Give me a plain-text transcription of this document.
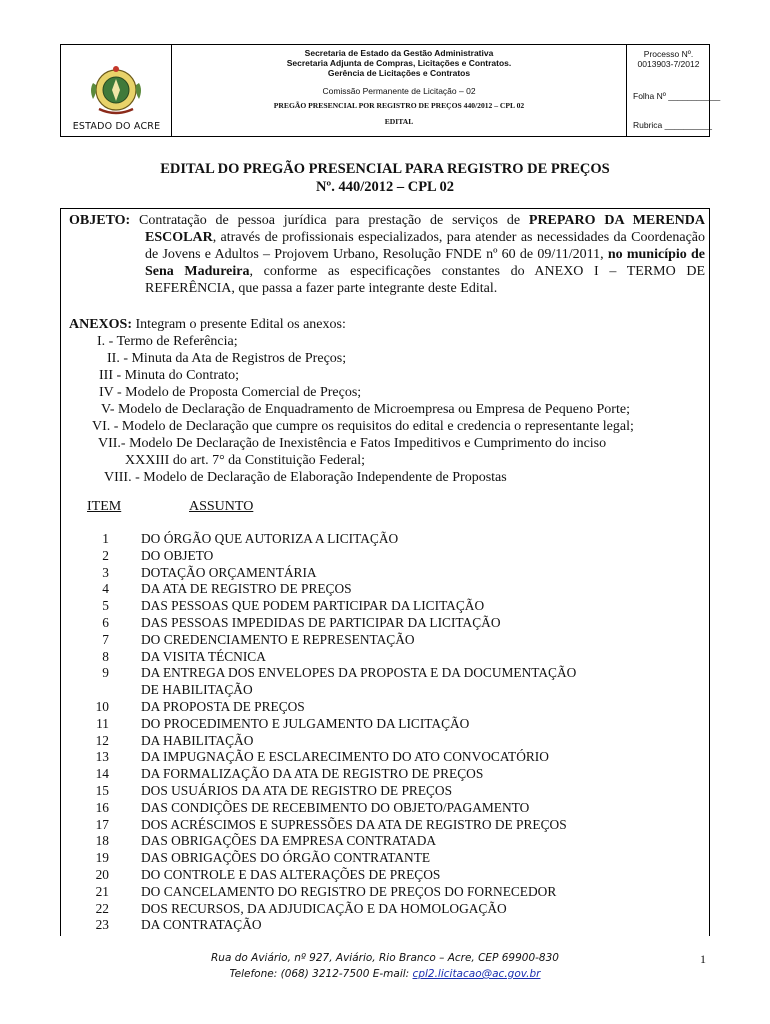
ESTADO DO ACRE
Secretaria de Estado da Gestão Administrativa
Secretaria Adjunta de Compras, Licitações e Contratos.
Gerência de Licitações e Contratos
Comissão Permanente de Licitação – 02
PREGÃO PRESENCIAL POR REGISTRO DE PREÇOS 440/2012 – CPL 02
EDITAL
Processo Nº. 0013903-7/2012
Folha Nº ___________
Rubrica __________
EDITAL DO PREGÃO PRESENCIAL PARA REGISTRO DE PREÇOS
Nº. 440/2012 – CPL 02
OBJETO: Contratação de pessoa jurídica para prestação de serviços de PREPARO DA MERENDA ESCOLAR, através de profissionais especializados, para atender as necessidades da Coordenação de Jovens e Adultos – Projovem Urbano, Resolução FNDE nº 60 de 09/11/2011, no município de Sena Madureira, conforme as especificações constantes do ANEXO I – TERMO DE REFERÊNCIA, que passa a fazer parte integrante deste Edital.
ANEXOS: Integram o presente Edital os anexos:
I. - Termo de Referência;
II. - Minuta da Ata de Registros de Preços;
III - Minuta do Contrato;
IV - Modelo de Proposta Comercial de Preços;
V- Modelo de Declaração de Enquadramento de Microempresa ou Empresa de Pequeno Porte;
VI. - Modelo de Declaração que cumpre os requisitos do edital e credencia o representante legal;
VII.- Modelo De Declaração de Inexistência e Fatos Impeditivos e Cumprimento do inciso
XXXIII do art. 7° da Constituição Federal;
VIII. - Modelo de Declaração de Elaboração Independente de Propostas
ITEM	ASSUNTO
1 DO ÓRGÃO QUE AUTORIZA A LICITAÇÃO
2 DO OBJETO
3 DOTAÇÃO ORÇAMENTÁRIA
4 DA ATA DE REGISTRO DE PREÇOS
5 DAS PESSOAS QUE PODEM PARTICIPAR DA LICITAÇÃO
6 DAS PESSOAS IMPEDIDAS DE PARTICIPAR DA LICITAÇÃO
7 DO CREDENCIAMENTO E REPRESENTAÇÃO
8 DA VISITA TÉCNICA
9 DA ENTREGA DOS ENVELOPES DA PROPOSTA E DA DOCUMENTAÇÃO
DE HABILITAÇÃO
10 DA PROPOSTA DE PREÇOS
11 DO PROCEDIMENTO E JULGAMENTO DA LICITAÇÃO
12 DA HABILITAÇÃO
13 DA IMPUGNAÇÃO E ESCLARECIMENTO DO ATO CONVOCATÓRIO
14 DA FORMALIZAÇÃO DA ATA DE REGISTRO DE PREÇOS
15 DOS USUÁRIOS DA ATA DE REGISTRO DE PREÇOS
16 DAS CONDIÇÕES DE RECEBIMENTO DO OBJETO/PAGAMENTO
17 DOS ACRÉSCIMOS E SUPRESSÕES DA ATA DE REGISTRO DE PREÇOS
18 DAS OBRIGAÇÕES DA EMPRESA CONTRATADA
19 DAS OBRIGAÇÕES DO ÓRGÃO CONTRATANTE
20 DO CONTROLE E DAS ALTERAÇÕES DE PREÇOS
21 DO CANCELAMENTO DO REGISTRO DE PREÇOS DO FORNECEDOR
22 DOS RECURSOS, DA ADJUDICAÇÃO E DA HOMOLOGAÇÃO
23 DA CONTRATAÇÃO
Rua do Aviário, nº 927, Aviário, Rio Branco – Acre, CEP 69900-830
Telefone: (068) 3212-7500 E-mail: cpl2.licitacao@ac.gov.br
1
